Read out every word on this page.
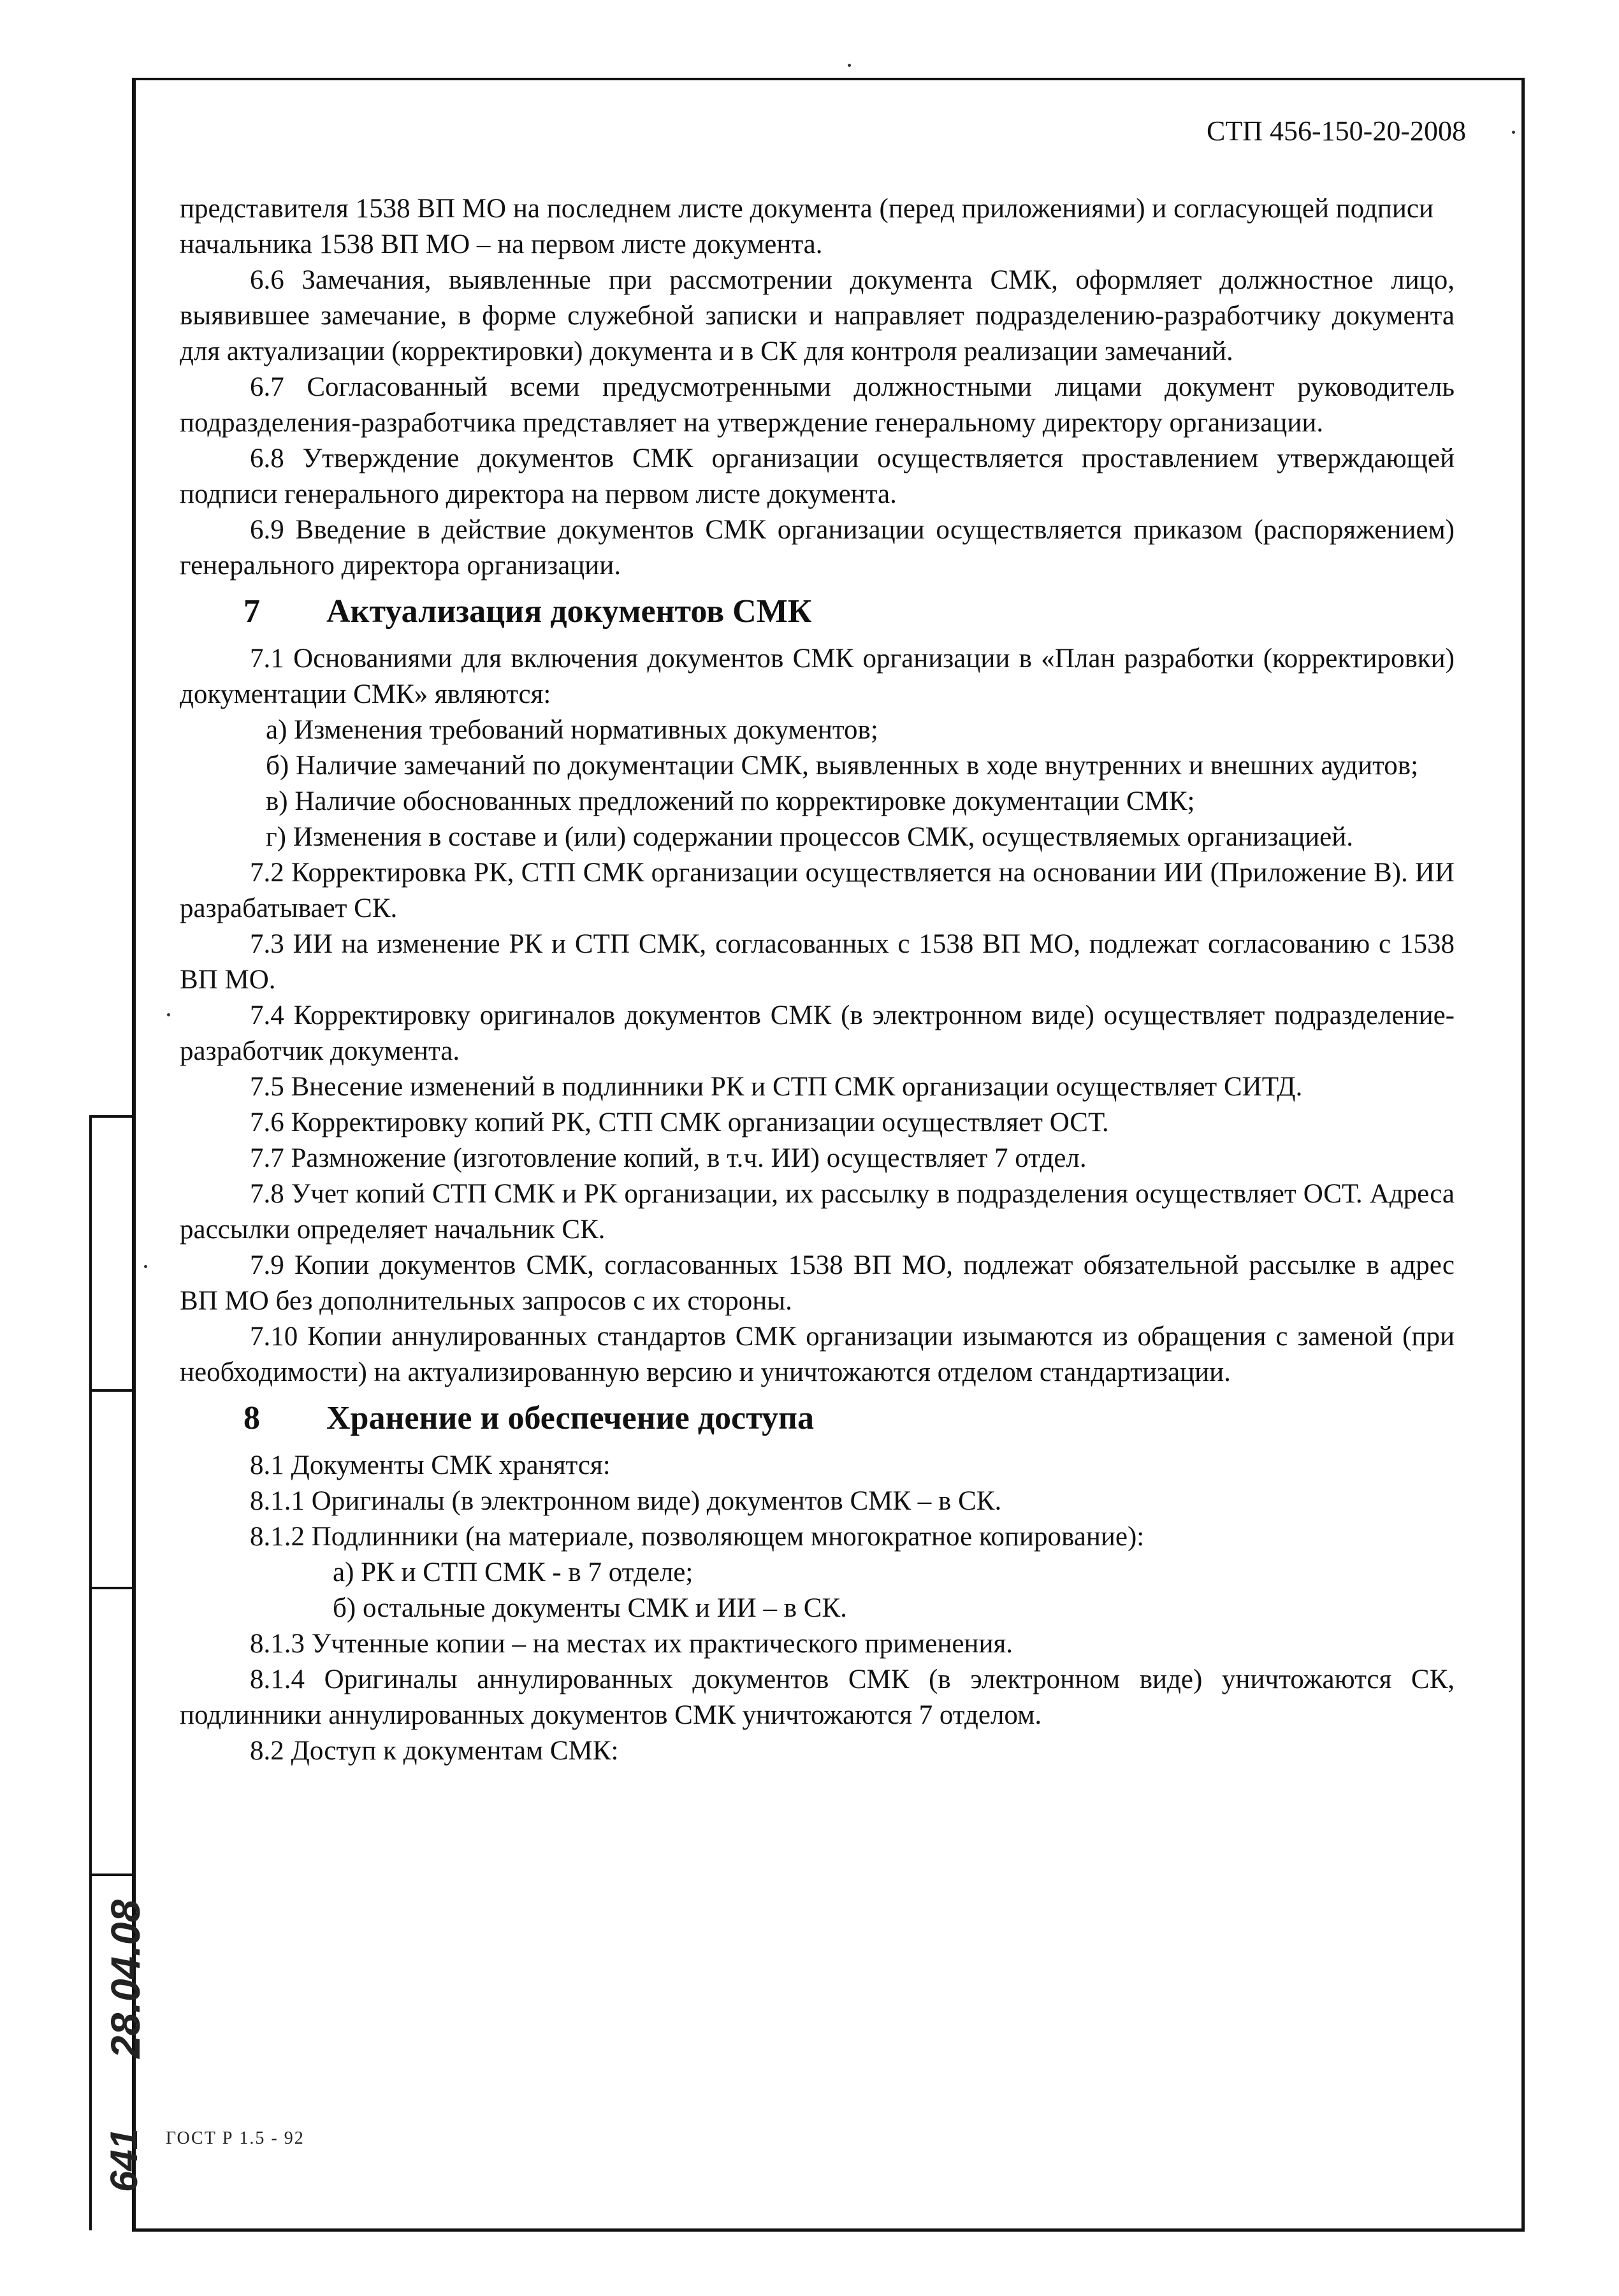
28.04.08
641
СТП 456-150-20-2008

представителя 1538 ВП МО на последнем листе документа (перед приложениями) и согласующей подписи начальника 1538 ВП МО – на первом листе документа.

6.6 Замечания, выявленные при рассмотрении документа СМК, оформляет должностное лицо, выявившее замечание, в форме служебной записки и направляет подразделению-разработчику документа для актуализации (корректировки) документа и в СК для контроля реализации замечаний.

6.7 Согласованный всеми предусмотренными должностными лицами документ руководитель подразделения-разработчика представляет на утверждение генеральному директору организации.

6.8 Утверждение документов СМК организации осуществляется проставлением утверждающей подписи генерального директора на первом листе документа.

6.9 Введение в действие документов СМК организации осуществляется приказом (распоряжением) генерального директора организации.

7 Актуализация документов СМК

7.1 Основаниями для включения документов СМК организации в «План разработки (корректировки) документации СМК» являются:

а) Изменения требований нормативных документов;

б) Наличие замечаний по документации СМК, выявленных в ходе внутренних и внешних аудитов;

в) Наличие обоснованных предложений по корректировке документации СМК;

г) Изменения в составе и (или) содержании процессов СМК, осуществляемых организацией.

7.2 Корректировка РК, СТП СМК организации осуществляется на основании ИИ (Приложение В). ИИ разрабатывает СК.

7.3 ИИ на изменение РК и СТП СМК, согласованных с 1538 ВП МО, подлежат согласованию с 1538 ВП МО.

7.4 Корректировку оригиналов документов СМК (в электронном виде) осуществляет подразделение-разработчик документа.

7.5 Внесение изменений в подлинники РК и СТП СМК организации осуществляет СИТД.

7.6 Корректировку копий РК, СТП СМК организации осуществляет ОСТ.

7.7 Размножение (изготовление копий, в т.ч. ИИ) осуществляет 7 отдел.

7.8 Учет копий СТП СМК и РК организации, их рассылку в подразделения осуществляет ОСТ. Адреса рассылки определяет начальник СК.

7.9 Копии документов СМК, согласованных 1538 ВП МО, подлежат обязательной рассылке в адрес ВП МО без дополнительных запросов с их стороны.

7.10 Копии аннулированных стандартов СМК организации изымаются из обращения с заменой (при необходимости) на актуализированную версию и уничтожаются отделом стандартизации.

8 Хранение и обеспечение доступа

8.1 Документы СМК хранятся:

8.1.1 Оригиналы (в электронном виде) документов СМК – в СК.

8.1.2 Подлинники (на материале, позволяющем многократное копирование):

а) РК и СТП СМК - в 7 отделе;

б) остальные документы СМК и ИИ – в СК.

8.1.3 Учтенные копии – на местах их практического применения.

8.1.4 Оригиналы аннулированных документов СМК (в электронном виде) уничтожаются СК, подлинники аннулированных документов СМК уничтожаются 7 отделом.

8.2 Доступ к документам СМК:

ГОСТ Р 1.5 - 92
